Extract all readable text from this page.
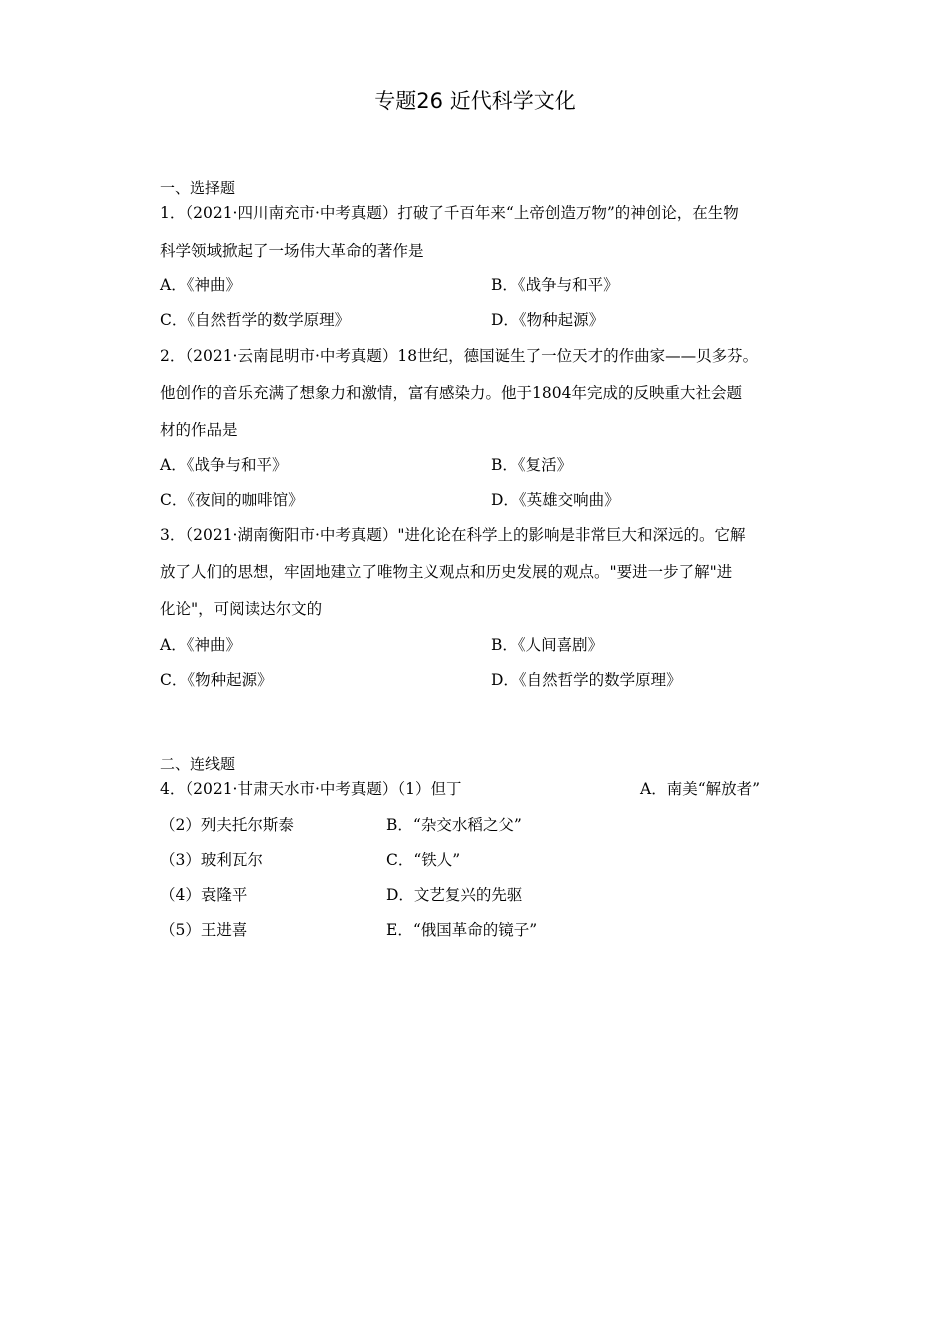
专题26 近代科学文化
一、选择题
1．（2021·四川南充市·中考真题）打破了千百年来“上帝创造万物”的神创论，在生物
科学领域掀起了一场伟大革命的著作是
A．《神曲》	B．《战争与和平》
C．《自然哲学的数学原理》	D．《物种起源》
2．（2021·云南昆明市·中考真题）18世纪，德国诞生了一位天才的作曲家——贝多芬。
他创作的音乐充满了想象力和激情，富有感染力。他于1804年完成的反映重大社会题
材的作品是
A．《战争与和平》	B．《复活》
C．《夜间的咖啡馆》	D．《英雄交响曲》
3．（2021·湖南衡阳市·中考真题）"进化论在科学上的影响是非常巨大和深远的。它解
放了人们的思想，牢固地建立了唯物主义观点和历史发展的观点。"要进一步了解"进
化论"，可阅读达尔文的
A．《神曲》	B．《人间喜剧》
C．《物种起源》	D．《自然哲学的数学原理》
二、连线题
4．（2021·甘肃天水市·中考真题）（1）但丁	A．南美“解放者”
（2）列夫托尔斯泰	B．“杂交水稻之父”
（3）玻利瓦尔	C．“铁人”
（4）袁隆平	D．文艺复兴的先驱
（5）王进喜	E．“俄国革命的镜子”
